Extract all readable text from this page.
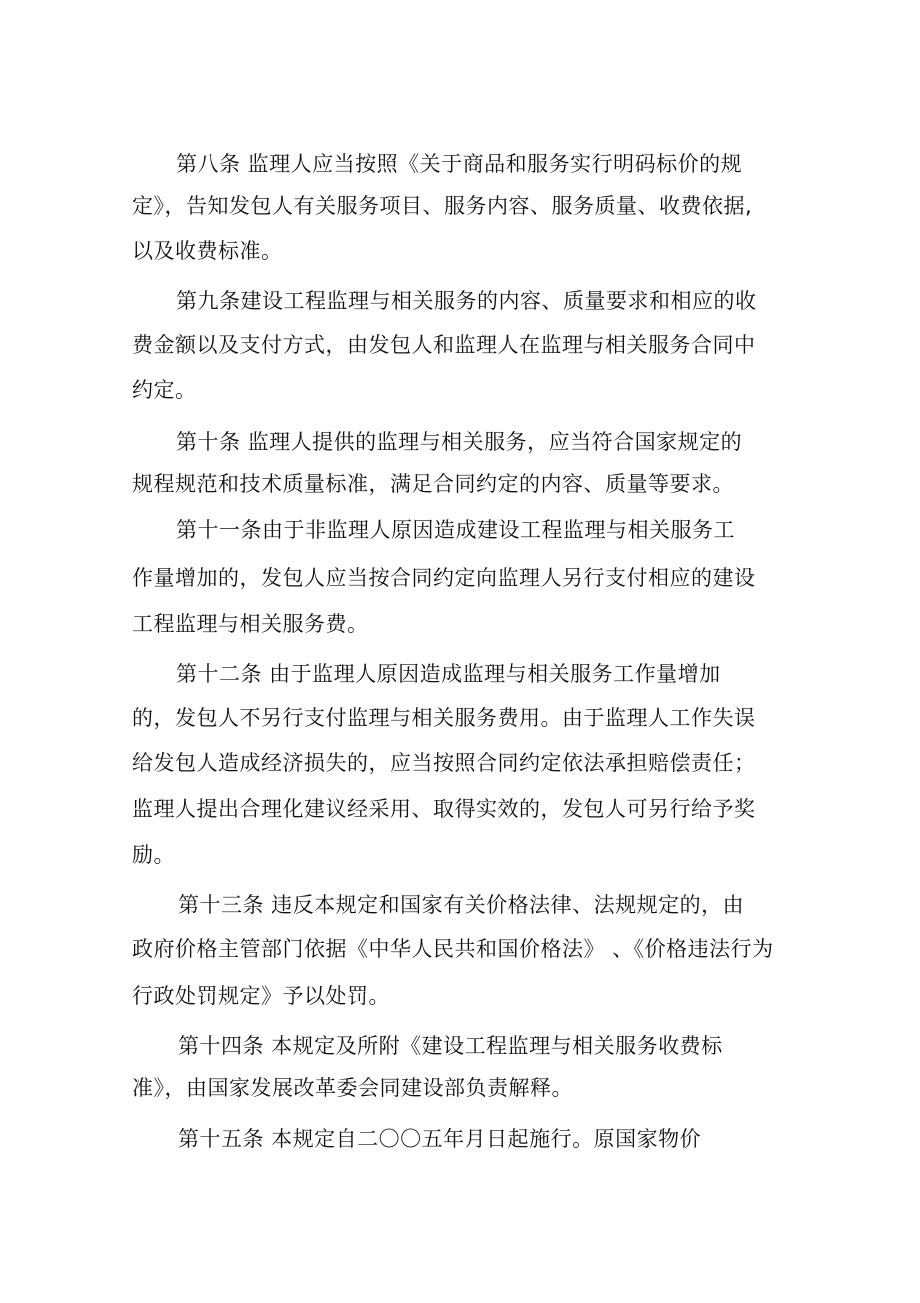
第八条 监理人应当按照《关于商品和服务实行明码标价的规
定》，告知发包人有关服务项目、服务内容、服务质量、收费依据,
以及收费标准。
第九条建设工程监理与相关服务的内容、质量要求和相应的收
费金额以及支付方式，由发包人和监理人在监理与相关服务合同中
约定。
第十条 监理人提供的监理与相关服务，应当符合国家规定的
规程规范和技术质量标准，满足合同约定的内容、质量等要求。
第十一条由于非监理人原因造成建设工程监理与相关服务工
作量增加的，发包人应当按合同约定向监理人另行支付相应的建设
工程监理与相关服务费。
第十二条 由于监理人原因造成监理与相关服务工作量增加
的，发包人不另行支付监理与相关服务费用。由于监理人工作失误
给发包人造成经济损失的，应当按照合同约定依法承担赔偿责任；
监理人提出合理化建议经采用、取得实效的，发包人可另行给予奖
励。
第十三条 违反本规定和国家有关价格法律、法规规定的，由
政府价格主管部门依据《中华人民共和国价格法》 、《价格违法行为
行政处罚规定》予以处罚。
第十四条 本规定及所附《建设工程监理与相关服务收费标
准》，由国家发展改革委会同建设部负责解释。
第十五条 本规定自二〇〇五年月日起施行。原国家物价
